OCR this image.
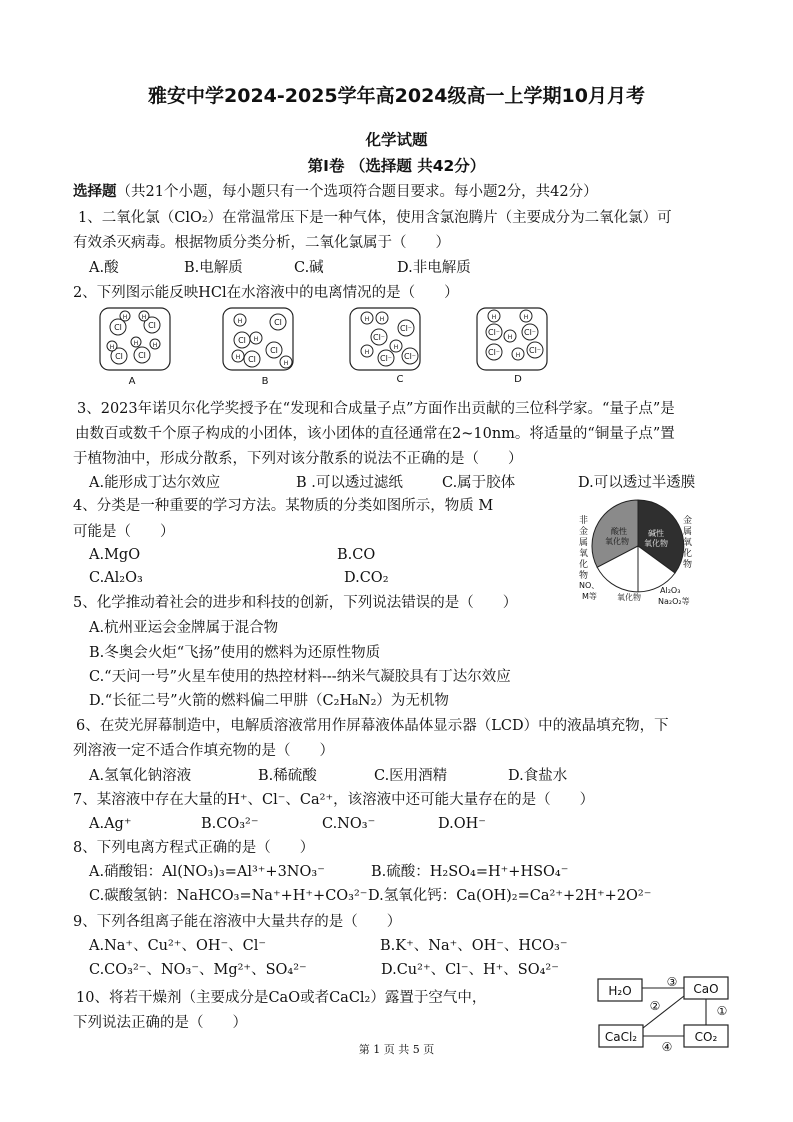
雅安中学2024-2025学年高2024级高一上学期10月月考
化学试题
第Ⅰ卷 （选择题 共42分）
选择题（共21个小题，每小题只有一个选项符合题目要求。每小题2分，共42分）
1、二氧化氯（ClO₂）在常温常压下是一种气体，使用含氯泡腾片（主要成分为二氧化氯）可
有效杀灭病毒。根据物质分类分析，二氧化氯属于（　　）
A.酸	B.电解质	C.碱	D.非电解质
2、下列图示能反映HCl在水溶液中的电离情况的是（　　）
Cl
H
Cl
H
Cl
H
H
Cl
H
H	Cl
Cl H
H Cl
Cl
H
H H
Cl⁻
Cl⁻
H
Cl⁻
H
Cl⁻
H	H
Cl⁻
H
Cl⁻
Cl⁻	H
Cl⁻
A	B	C	D
3、2023年诺贝尔化学奖授予在“发现和合成量子点”方面作出贡献的三位科学家。“量子点”是
由数百或数千个原子构成的小团体，该小团体的直径通常在2~10nm。将适量的“铜量子点”置
于植物油中，形成分散系，下列对该分散系的说法不正确的是（　　）
A.能形成丁达尔效应	B .可以透过滤纸	C.属于胶体	D.可以透过半透膜
4、分类是一种重要的学习方法。某物质的分类如图所示，物质 M
可能是（　　）
A.MgO	B.CO
C.Al₂O₃	D.CO₂
酸性
氧化物
碱性
氧化物
NO、
M等	氧化物
Al₂O₃
Na₂O₂等
非金属氧化物
金属氧化物
5、化学推动着社会的进步和科技的创新，下列说法错误的是（　　）
A.杭州亚运会金牌属于混合物
B.冬奥会火炬“飞扬”使用的燃料为还原性物质
C.“天问一号”火星车使用的热控材料---纳米气凝胶具有丁达尔效应
D.“长征二号”火箭的燃料偏二甲肼（C₂H₈N₂）为无机物
6、在荧光屏幕制造中，电解质溶液常用作屏幕液体晶体显示器（LCD）中的液晶填充物，下
列溶液一定不适合作填充物的是（　　）
A.氢氧化钠溶液	B.稀硫酸	C.医用酒精	D.食盐水
7、某溶液中存在大量的H⁺、Cl⁻、Ca²⁺，该溶液中还可能大量存在的是（　　）
A.Ag⁺	B.CO₃²⁻	C.NO₃⁻	D.OH⁻
8、下列电离方程式正确的是（　　）
A.硝酸铝：Al(NO₃)₃=Al³⁺+3NO₃⁻	B.硫酸：H₂SO₄=H⁺+HSO₄⁻
C.碳酸氢钠：NaHCO₃=Na⁺+H⁺+CO₃²⁻ D.氢氧化钙：Ca(OH)₂=Ca²⁺+2H⁺+2O²⁻
9、下列各组离子能在溶液中大量共存的是（　　）
A.Na⁺、Cu²⁺、OH⁻、Cl⁻	B.K⁺、Na⁺、OH⁻、HCO₃⁻
C.CO₃²⁻、NO₃⁻、Mg²⁺、SO₄²⁻	D.Cu²⁺、Cl⁻、H⁺、SO₄²⁻
10、将若干燥剂（主要成分是CaO或者CaCl₂）露置于空气中，
下列说法正确的是（　　）
H₂O	CaO
CaCl₂	CO₂
③
②	①
④
第 1 页 共 5 页
